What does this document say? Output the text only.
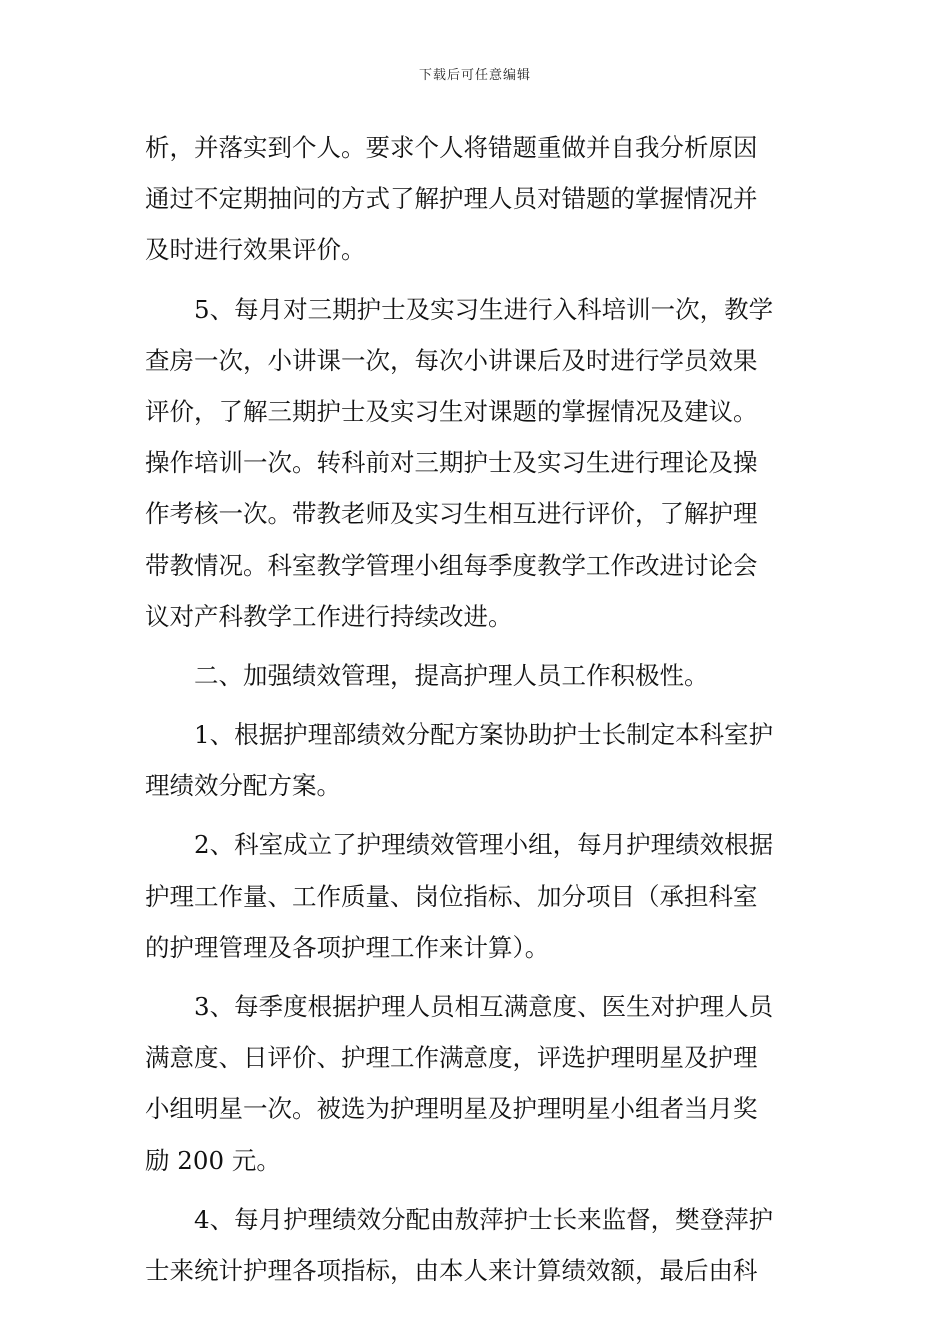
下载后可任意编辑
析，并落实到个人。要求个人将错题重做并自我分析原因
通过不定期抽问的方式了解护理人员对错题的掌握情况并
及时进行效果评价。
5、每月对三期护士及实习生进行入科培训一次，教学
查房一次，小讲课一次，每次小讲课后及时进行学员效果
评价，了解三期护士及实习生对课题的掌握情况及建议。
操作培训一次。转科前对三期护士及实习生进行理论及操
作考核一次。带教老师及实习生相互进行评价，了解护理
带教情况。科室教学管理小组每季度教学工作改进讨论会
议对产科教学工作进行持续改进。
二、加强绩效管理，提高护理人员工作积极性。
1、根据护理部绩效分配方案协助护士长制定本科室护
理绩效分配方案。
2、科室成立了护理绩效管理小组，每月护理绩效根据
护理工作量、工作质量、岗位指标、加分项目（承担科室
的护理管理及各项护理工作来计算）。
3、每季度根据护理人员相互满意度、医生对护理人员
满意度、日评价、护理工作满意度，评选护理明星及护理
小组明星一次。被选为护理明星及护理明星小组者当月奖
励 200 元。
4、每月护理绩效分配由敖萍护士长来监督，樊登萍护
士来统计护理各项指标，由本人来计算绩效额，最后由科
